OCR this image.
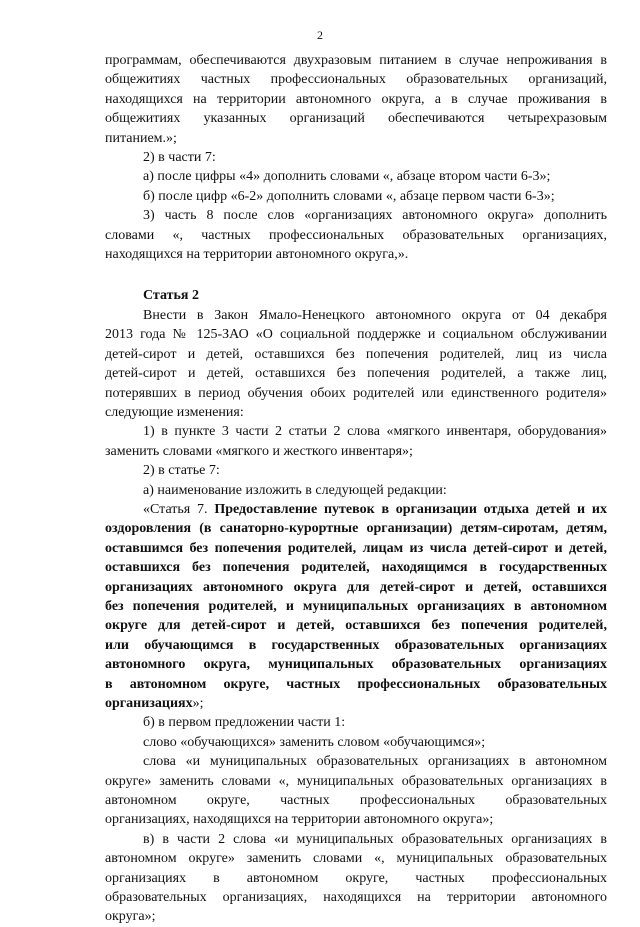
2
программам, обеспечиваются двухразовым питанием в случае непроживания в
общежитиях частных профессиональных образовательных организаций,
находящихся на территории автономного округа, а в случае проживания в
общежитиях указанных организаций обеспечиваются четырехразовым
питанием.»;
2) в части 7:
а) после цифры «4» дополнить словами «, абзаце втором части 6-3»;
б) после цифр «6-2» дополнить словами «, абзаце первом части 6-3»;
3) часть 8 после слов «организациях автономного округа» дополнить
словами «, частных профессиональных образовательных организациях,
находящихся на территории автономного округа,».
Статья 2
Внести в Закон Ямало-Ненецкого автономного округа от 04 декабря
2013 года № 125-ЗАО «О социальной поддержке и социальном обслуживании
детей-сирот и детей, оставшихся без попечения родителей, лиц из числа
детей-сирот и детей, оставшихся без попечения родителей, а также лиц,
потерявших в период обучения обоих родителей или единственного родителя»
следующие изменения:
1) в пункте 3 части 2 статьи 2 слова «мягкого инвентаря, оборудования»
заменить словами «мягкого и жесткого инвентаря»;
2) в статье 7:
а) наименование изложить в следующей редакции:
«Статья 7. Предоставление путевок в организации отдыха детей и их
оздоровления (в санаторно-курортные организации) детям-сиротам, детям,
оставшимся без попечения родителей, лицам из числа детей-сирот и детей,
оставшихся без попечения родителей, находящимся в государственных
организациях автономного округа для детей-сирот и детей, оставшихся
без попечения родителей, и муниципальных организациях в автономном
округе для детей-сирот и детей, оставшихся без попечения родителей,
или обучающимся в государственных образовательных организациях
автономного округа, муниципальных образовательных организациях
в автономном округе, частных профессиональных образовательных
организациях»;
б) в первом предложении части 1:
слово «обучающихся» заменить словом «обучающимся»;
слова «и муниципальных образовательных организациях в автономном
округе» заменить словами «, муниципальных образовательных организациях в
автономном округе, частных профессиональных образовательных
организациях, находящихся на территории автономного округа»;
в) в части 2 слова «и муниципальных образовательных организациях в
автономном округе» заменить словами «, муниципальных образовательных
организациях в автономном округе, частных профессиональных
образовательных организациях, находящихся на территории автономного
округа»;
